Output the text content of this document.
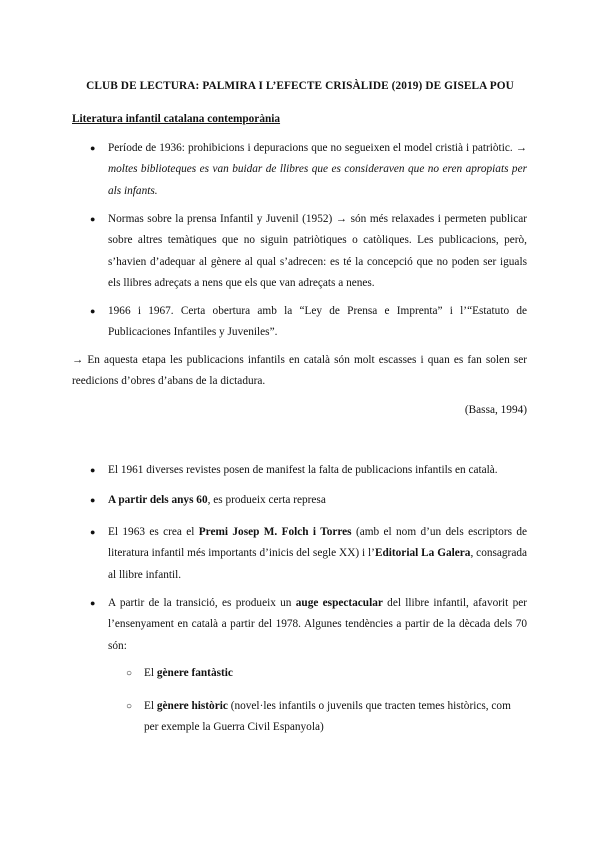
CLUB DE LECTURA: PALMIRA I L’EFECTE CRISÀLIDE (2019) DE GISELA POU
Literatura infantil catalana contemporània
● Període de 1936: prohibicions i depuracions que no segueixen el model cristià i patriòtic. → moltes biblioteques es van buidar de llibres que es consideraven que no eren apropiats per als infants.
● Normas sobre la prensa Infantil y Juvenil (1952) → són més relaxades i permeten publicar sobre altres temàtiques que no siguin patriòtiques o catòliques. Les publicacions, però, s’havien d’adequar al gènere al qual s’adrecen: es té la concepció que no poden ser iguals els llibres adreçats a nens que els que van adreçats a nenes.
● 1966 i 1967. Certa obertura amb la “Ley de Prensa e Imprenta” i l’“Estatuto de Publicaciones Infantiles y Juveniles”.
→ En aquesta etapa les publicacions infantils en català són molt escasses i quan es fan solen ser reedicions d’obres d’abans de la dictadura.
(Bassa, 1994)
● El 1961 diverses revistes posen de manifest la falta de publicacions infantils en català.
● A partir dels anys 60, es produeix certa represa
● El 1963 es crea el Premi Josep M. Folch i Torres (amb el nom d’un dels escriptors de literatura infantil més importants d’inicis del segle XX) i l’Editorial La Galera, consagrada al llibre infantil.
● A partir de la transició, es produeix un auge espectacular del llibre infantil, afavorit per l’ensenyament en català a partir del 1978. Algunes tendències a partir de la dècada dels 70 són:
○ El gènere fantàstic
○ El gènere històric (novel·les infantils o juvenils que tracten temes històrics, com per exemple la Guerra Civil Espanyola)
